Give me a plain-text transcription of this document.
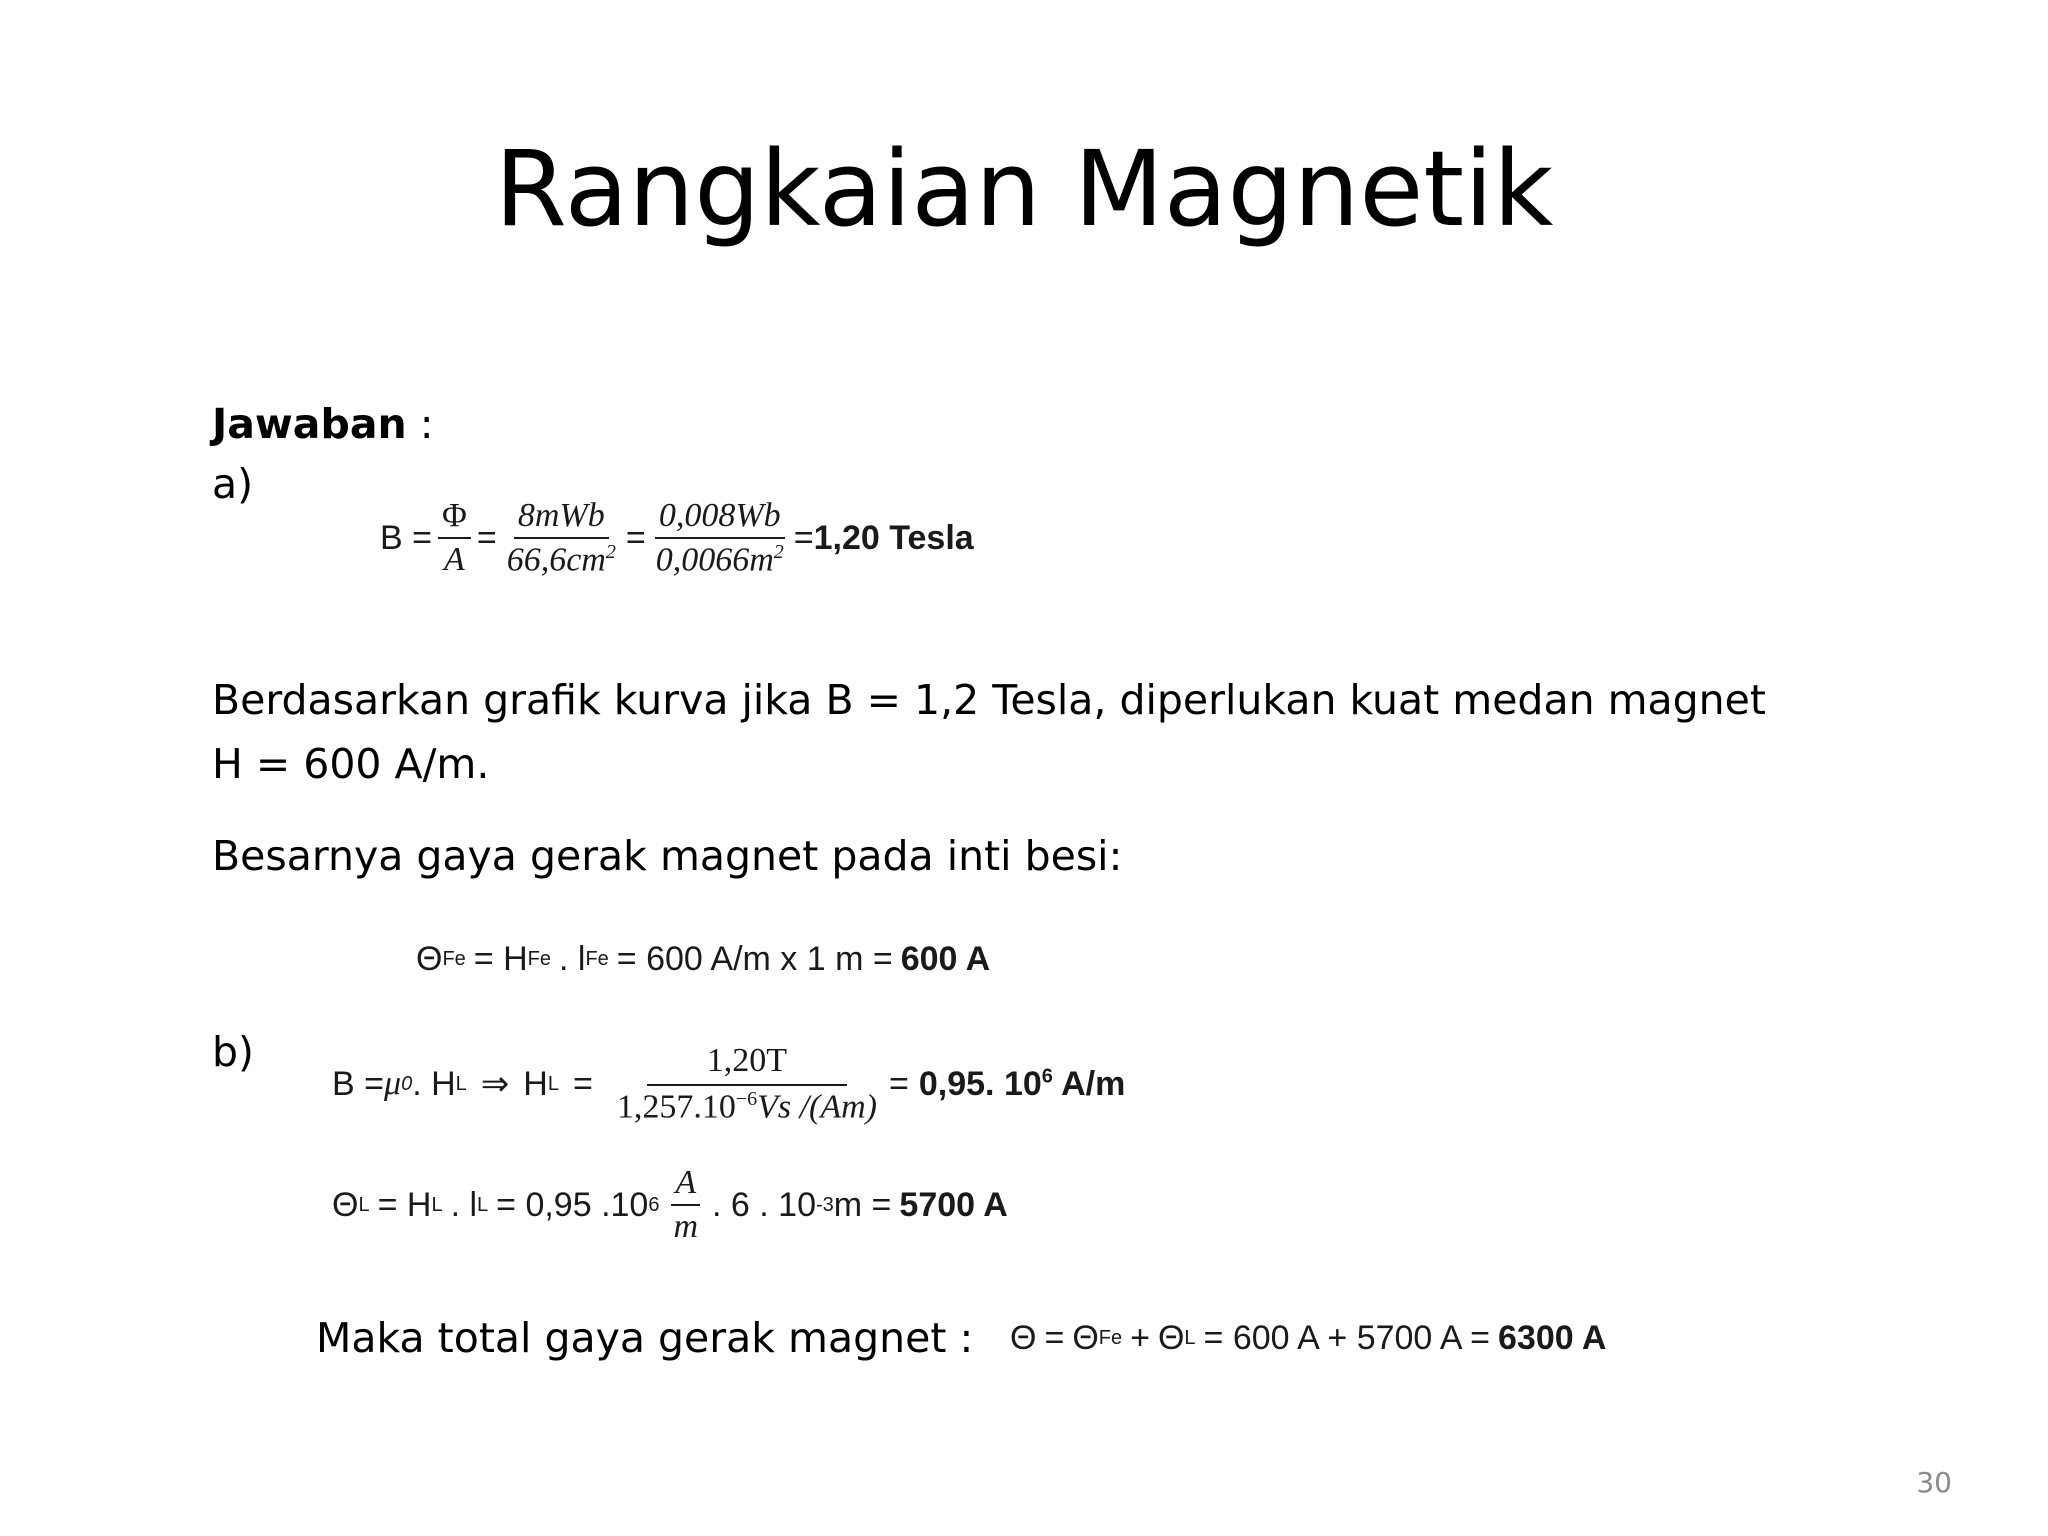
Rangkaian Magnetik
Jawaban :
a)
$B = \frac{\Phi}{A} = \frac{\text{8mWb}}{66,6cm^2} = \frac{0,008Wb}{0,0066m^2} = 1,20$ Tesla
Berdasarkan grafik kurva jika B = 1,2 Tesla, diperlukan kuat medan magnet
H = 600 A/m.
Besarnya gaya gerak magnet pada inti besi:
Θ Fe = H Fe . l Fe = 600 A/m x 1 m = 600 A
b)
B = μ 0 . H L ⇒ H $L = \frac{1,20T}{1,257.10^{-6}Vs /(Am)} = 0,95$. $10^6$ A/m
Θ L = H L . l L = 0,95 .10 $6 \frac{A}{m}$ . 6 . 10 -3 m = 5700 A
Maka total gaya gerak magnet : Θ = Θ Fe + Θ L = 600 A + 5700 A = 6300 A
30
